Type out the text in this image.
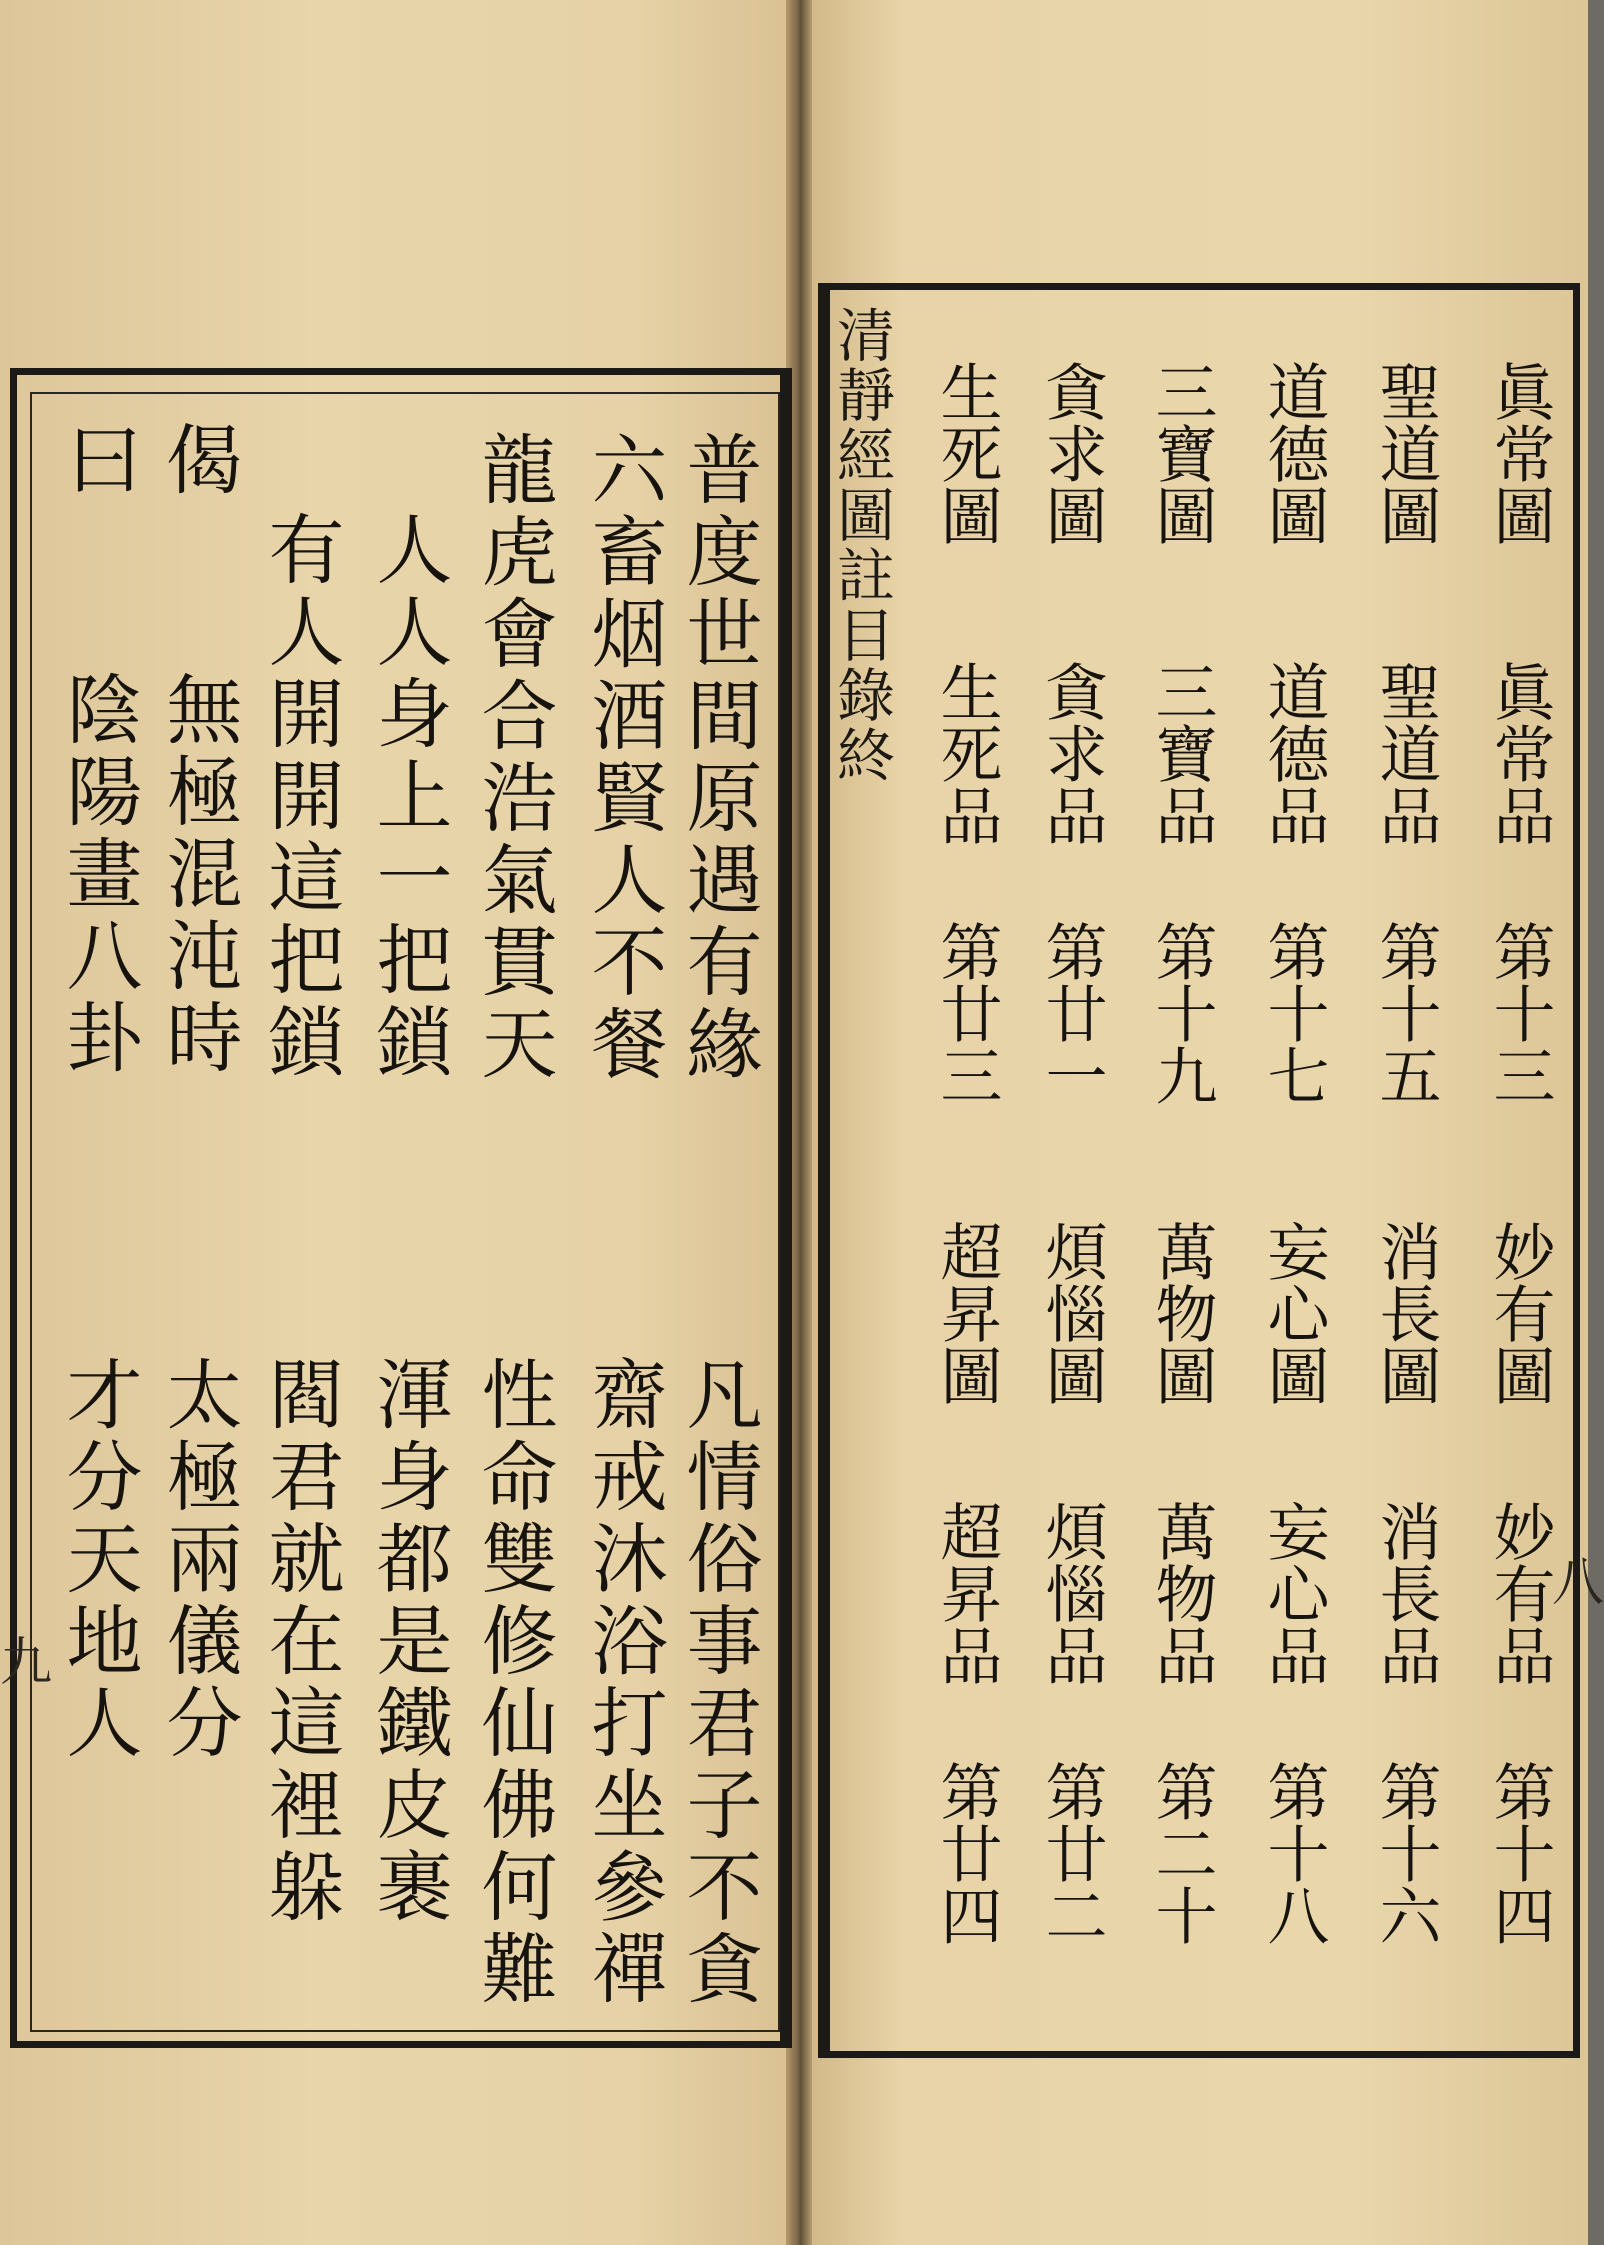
普度世間原遇有緣
六畜烟酒賢人不餐
龍虎會合浩氣貫天
人人身上一把鎖
有人開開這把鎖
偈
曰
凡情俗事君子不貪
齋戒沐浴打坐參禪
性命雙修仙佛何難
渾身都是鐵皮裹
閻君就在這裡躲
無極混沌時
太極兩儀分
陰陽畫八卦
才分天地人
九
清靜經圖註目錄終	眞常圖
眞常品
第十三
妙有圖
妙有品
第十四
聖道圖
聖道品
第十五
消長圖
消長品
第十六
道德圖
道德品
第十七
妄心圖
妄心品
第十八
三寶圖
三寶品
第十九
萬物圖
萬物品
第二十
貪求圖
貪求品
第廿一
煩惱圖
煩惱品
第廿二
生死圖
生死品
第廿三
超昇圖
超昇品
第廿四
八
